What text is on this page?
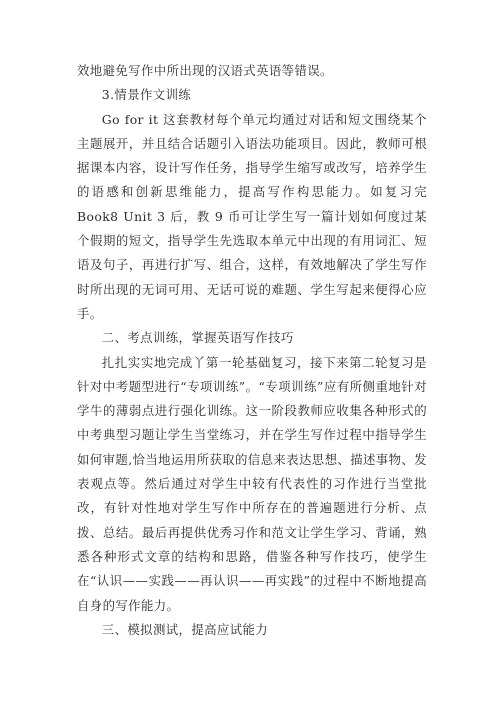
效地避免写作中所出现的汉语式英语等错误。

3.情景作文训练

Go for it 这套教材每个单元均通过对话和短文围绕某个主题展开，并且结合话题引入语法功能项目。因此，教师可根据课本内容，设计写作任务，指导学生缩写或改写，培养学生的语感和创新思维能力，提高写作构思能力。如复习完 Book8 Unit 3 后，教 9 币可让学生写一篇计划如何度过某个假期的短文，指导学生先选取本单元中出现的有用词汇、短语及句子，再进行扩写、组合，这样，有效地解决了学生写作时所出现的无词可用、无话可说的难题、学生写起来便得心应手。

二、考点训练，掌握英语写作技巧

扎扎实实地完成丫第一轮基础复习，接下来第二轮复习是针对中考题型进行“专项训练”。“专项训练”应有所侧重地针对学牛的薄弱点进行强化训练。这一阶段教师应收集各种形式的中考典型习题让学生当堂练习，并在学生写作过程中指导学生如何审题,恰当地运用所获取的信息来表达思想、描述事物、发表观点等。然后通过对学生中较有代表性的习作进行当堂批改，有针对性地对学生写作中所存在的普遍题进行分析、点拨、总结。最后再提供优秀习作和范文让学生学习、背诵，熟悉各种形式文章的结构和思路，借鉴各种写作技巧，使学生在“认识——实践——再认识——再实践”的过程中不断地提高自身的写作能力。

三、模拟测试，提高应试能力
